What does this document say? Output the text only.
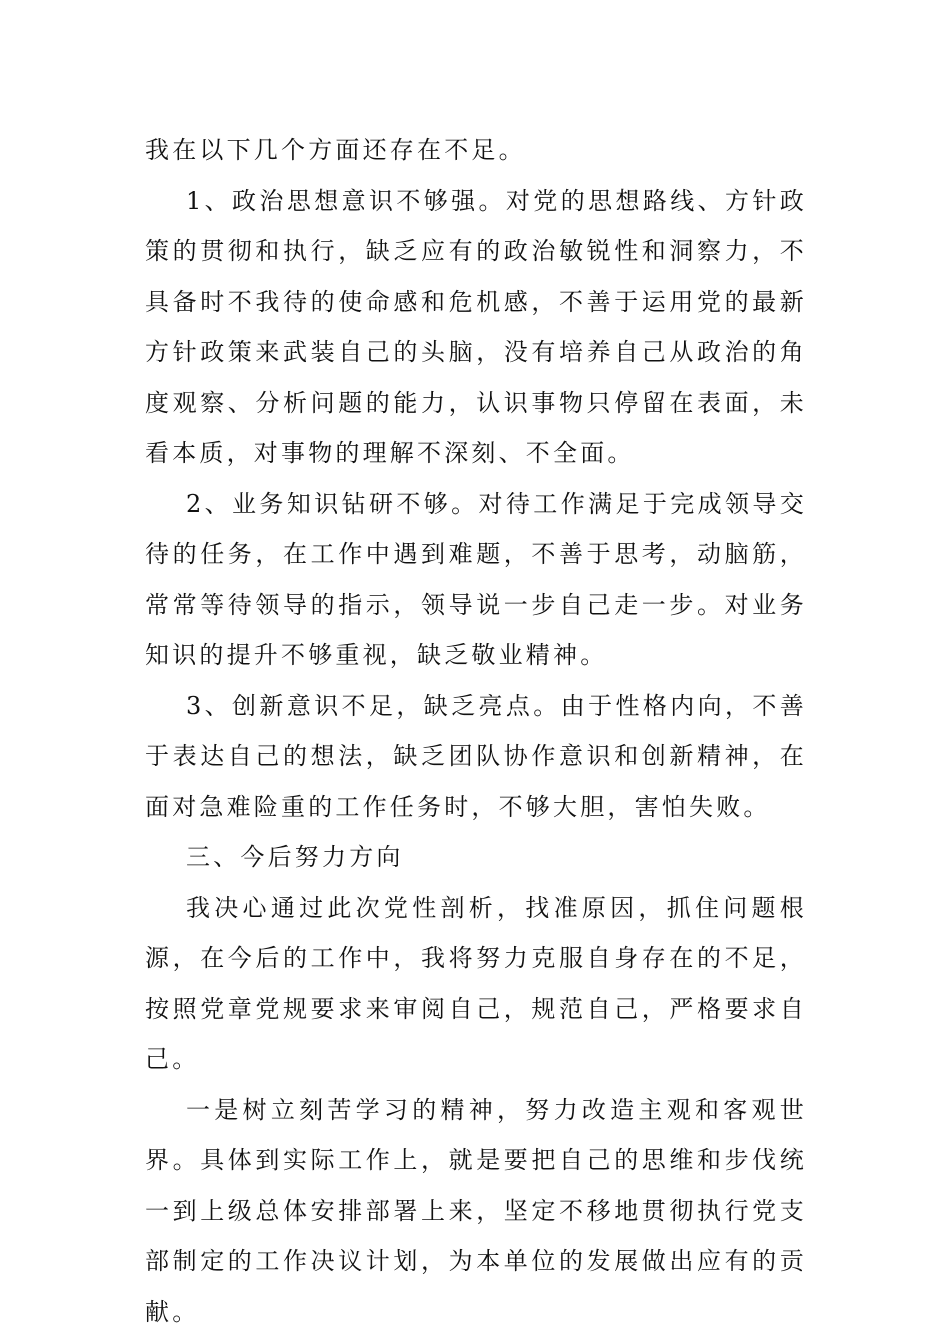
我在以下几个方面还存在不足。

1、政治思想意识不够强。对党的思想路线、方针政策的贯彻和执行，缺乏应有的政治敏锐性和洞察力，不具备时不我待的使命感和危机感，不善于运用党的最新方针政策来武装自己的头脑，没有培养自己从政治的角度观察、分析问题的能力，认识事物只停留在表面，未看本质，对事物的理解不深刻、不全面。

2、业务知识钻研不够。对待工作满足于完成领导交待的任务，在工作中遇到难题，不善于思考，动脑筋，常常等待领导的指示，领导说一步自己走一步。对业务知识的提升不够重视，缺乏敬业精神。

3、创新意识不足，缺乏亮点。由于性格内向，不善于表达自己的想法，缺乏团队协作意识和创新精神，在面对急难险重的工作任务时，不够大胆，害怕失败。

三、今后努力方向

我决心通过此次党性剖析，找准原因，抓住问题根源，在今后的工作中，我将努力克服自身存在的不足，按照党章党规要求来审阅自己，规范自己，严格要求自己。

一是树立刻苦学习的精神，努力改造主观和客观世界。具体到实际工作上，就是要把自己的思维和步伐统一到上级总体安排部署上来，坚定不移地贯彻执行党支部制定的工作决议计划，为本单位的发展做出应有的贡献。
